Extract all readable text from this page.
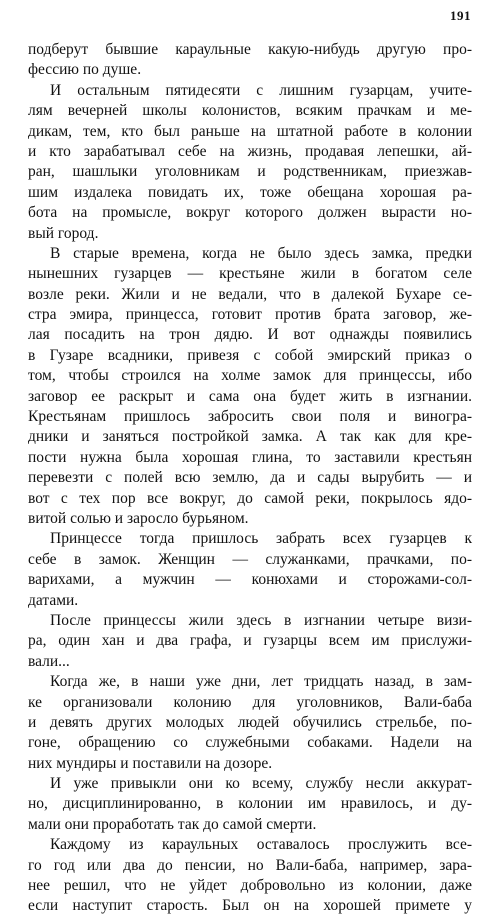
191
подберут бывшие караульные какую-нибудь другую про-
фессию по душе.
И остальным пятидесяти с лишним гузарцам, учите-
лям вечерней школы колонистов, всяким прачкам и ме-
дикам, тем, кто был раньше на штатной работе в колонии
и кто зарабатывал себе на жизнь, продавая лепешки, ай-
ран, шашлыки уголовникам и родственникам, приезжав-
шим издалека повидать их, тоже обещана хорошая ра-
бота на промысле, вокруг которого должен вырасти но-
вый город.
В старые времена, когда не было здесь замка, предки
нынешних гузарцев — крестьяне жили в богатом селе
возле реки. Жили и не ведали, что в далекой Бухаре се-
стра эмира, принцесса, готовит против брата заговор, же-
лая посадить на трон дядю. И вот однажды появились
в Гузаре всадники, привезя с собой эмирский приказ о
том, чтобы строился на холме замок для принцессы, ибо
заговор ее раскрыт и сама она будет жить в изгнании.
Крестьянам пришлось забросить свои поля и виногра-
дники и заняться постройкой замка. А так как для кре-
пости нужна была хорошая глина, то заставили крестьян
перевезти с полей всю землю, да и сады вырубить — и
вот с тех пор все вокруг, до самой реки, покрылось ядо-
витой солью и заросло бурьяном.
Принцессе тогда пришлось забрать всех гузарцев к
себе в замок. Женщин — служанками, прачками, по-
варихами, а мужчин — конюхами и сторожами-сол-
датами.
После принцессы жили здесь в изгнании четыре визи-
ра, один хан и два графа, и гузарцы всем им прислужи-
вали...
Когда же, в наши уже дни, лет тридцать назад, в зам-
ке организовали колонию для уголовников, Вали-баба
и девять других молодых людей обучились стрельбе, по-
гоне, обращению со служебными собаками. Надели на
них мундиры и поставили на дозоре.
И уже привыкли они ко всему, службу несли аккурат-
но, дисциплинированно, в колонии им нравилось, и ду-
мали они проработать так до самой смерти.
Каждому из караульных оставалось прослужить все-
го год или два до пенсии, но Вали-баба, например, зара-
нее решил, что не уйдет добровольно из колонии, даже
если наступит старость. Был он на хорошей примете у
